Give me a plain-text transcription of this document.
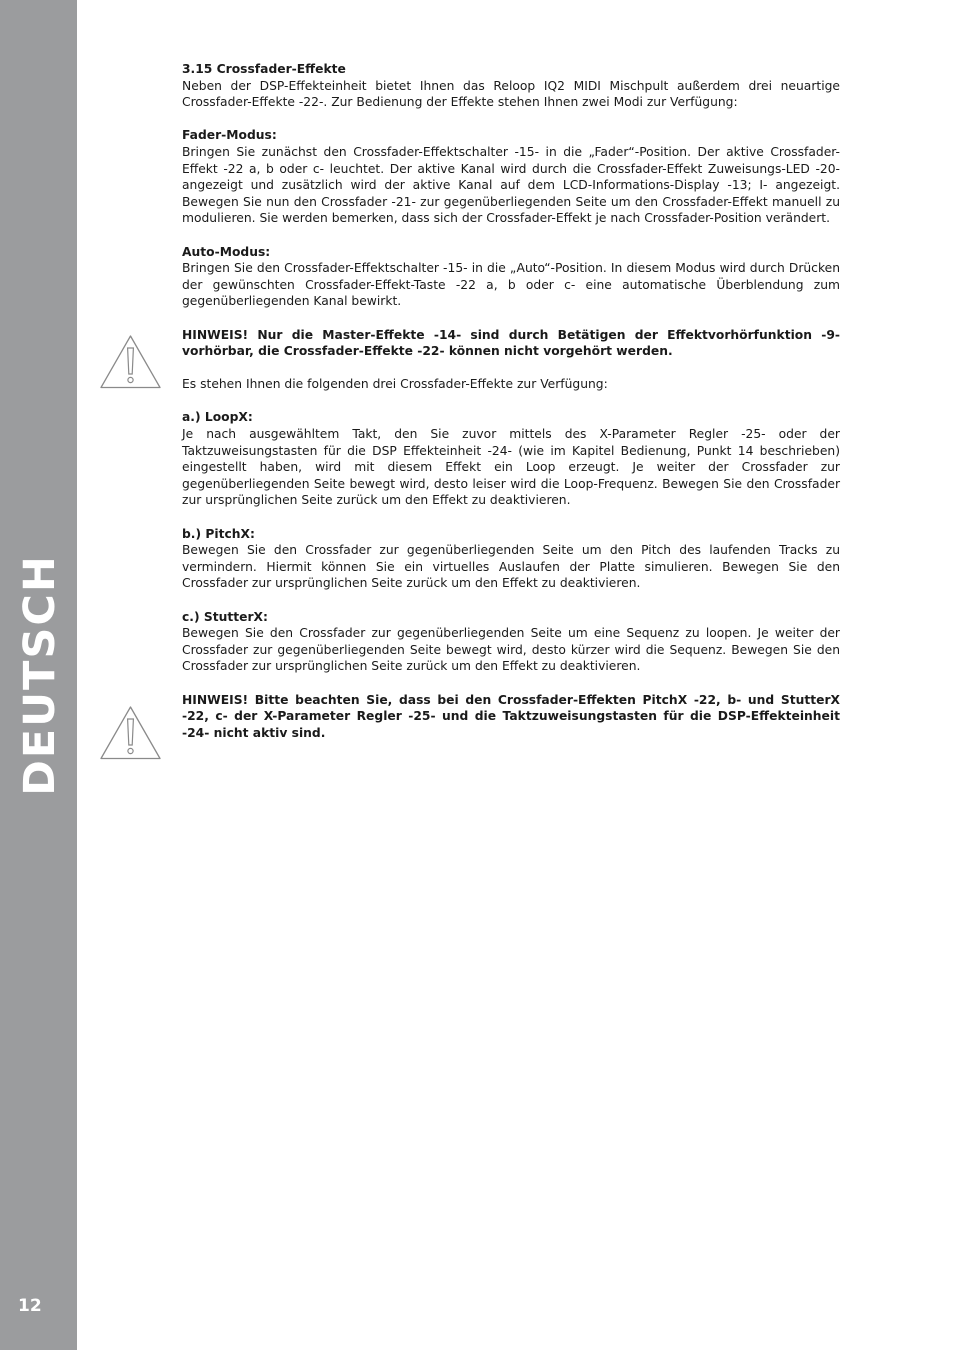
DEUTSCH
12

3.15 Crossfader-Effekte

Neben der DSP-Effekteinheit bietet Ihnen das Reloop IQ2 MIDI Mischpult außerdem drei neuartige Crossfader-Effekte -22-. Zur Bedienung der Effekte stehen Ihnen zwei Modi zur Verfügung:

Fader-Modus:

Bringen Sie zunächst den Crossfader-Effektschalter -15- in die „Fader“-Position. Der aktive Crossfader-Effekt -22 a, b oder c- leuchtet. Der aktive Kanal wird durch die Crossfader-Effekt Zuweisungs-LED -20- angezeigt und zusätzlich wird der aktive Kanal auf dem LCD-Informations-Display -13; I- angezeigt. Bewegen Sie nun den Crossfader -21- zur gegenüberliegenden Seite um den Crossfader-Effekt manuell zu modulieren. Sie werden bemerken, dass sich der Crossfader-Effekt je nach Crossfader-Position verändert.

Auto-Modus:

Bringen Sie den Crossfader-Effektschalter -15- in die „Auto“-Position. In diesem Modus wird durch Drücken der gewünschten Crossfader-Effekt-Taste -22 a, b oder c- eine automatische Überblendung zum gegenüberliegenden Kanal bewirkt.

HINWEIS! Nur die Master-Effekte -14- sind durch Betätigen der Effektvorhörfunktion -9- vorhörbar, die Crossfader-Effekte -22- können nicht vorgehört werden.

Es stehen Ihnen die folgenden drei Crossfader-Effekte zur Verfügung:

a.) LoopX:

Je nach ausgewähltem Takt, den Sie zuvor mittels des X-Parameter Regler -25- oder der Taktzuweisungstasten für die DSP Effekteinheit -24- (wie im Kapitel Bedienung, Punkt 14 beschrieben) eingestellt haben, wird mit diesem Effekt ein Loop erzeugt. Je weiter der Crossfader zur gegenüberliegenden Seite bewegt wird, desto leiser wird die Loop-Frequenz. Bewegen Sie den Crossfader zur ursprünglichen Seite zurück um den Effekt zu deaktivieren.

b.) PitchX:

Bewegen Sie den Crossfader zur gegenüberliegenden Seite um den Pitch des laufenden Tracks zu vermindern. Hiermit können Sie ein virtuelles Auslaufen der Platte simulieren. Bewegen Sie den Crossfader zur ursprünglichen Seite zurück um den Effekt zu deaktivieren.

c.) StutterX:

Bewegen Sie den Crossfader zur gegenüberliegenden Seite um eine Sequenz zu loopen. Je weiter der Crossfader zur gegenüberliegenden Seite bewegt wird, desto kürzer wird die Sequenz. Bewegen Sie den Crossfader zur ursprünglichen Seite zurück um den Effekt zu deaktivieren.

HINWEIS! Bitte beachten Sie, dass bei den Crossfader-Effekten PitchX -22, b- und StutterX -22, c- der X-Parameter Regler -25- und die Taktzuweisungstasten für die DSP-Effekteinheit -24- nicht aktiv sind.
